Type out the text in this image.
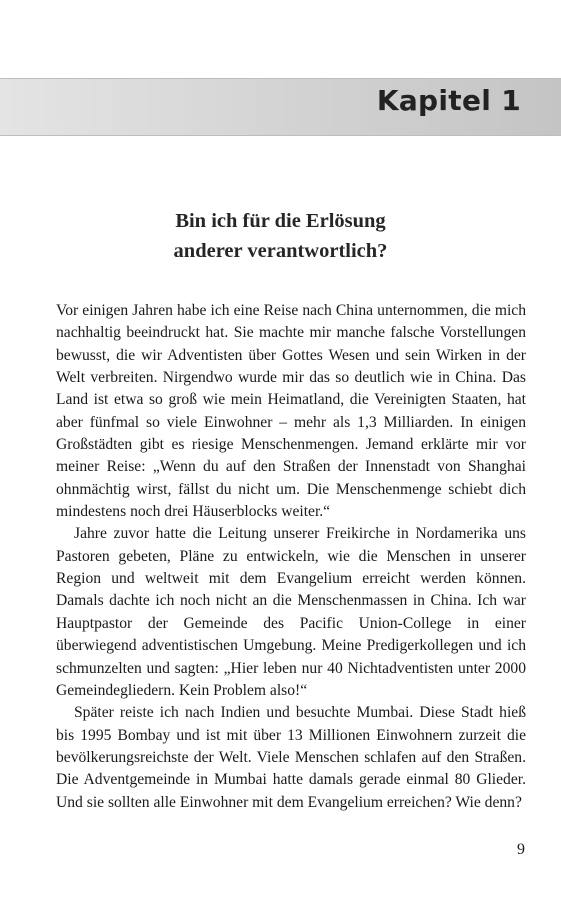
Kapitel 1
Bin ich für die Erlösung
anderer verantwortlich?

Vor einigen Jahren habe ich eine Reise nach China unternommen, die mich nachhaltig beeindruckt hat. Sie machte mir manche falsche Vorstellungen bewusst, die wir Adventisten über Gottes Wesen und sein Wirken in der Welt verbreiten. Nirgendwo wurde mir das so deutlich wie in China. Das Land ist etwa so groß wie mein Heimatland, die Vereinigten Staaten, hat aber fünfmal so viele Einwohner – mehr als 1,3 Milliarden. In einigen Großstädten gibt es riesige Menschenmengen. Jemand erklärte mir vor meiner Reise: „Wenn du auf den Straßen der Innenstadt von Shanghai ohnmächtig wirst, fällst du nicht um. Die Menschenmenge schiebt dich mindestens noch drei Häuserblocks weiter.“

Jahre zuvor hatte die Leitung unserer Freikirche in Nordamerika uns Pastoren gebeten, Pläne zu entwickeln, wie die Menschen in unserer Region und weltweit mit dem Evangelium erreicht werden können. Damals dachte ich noch nicht an die Menschenmassen in China. Ich war Hauptpastor der Gemeinde des Pacific Union-College in einer überwiegend adventistischen Umgebung. Meine Predigerkollegen und ich schmunzelten und sagten: „Hier leben nur 40 Nichtadventisten unter 2000 Gemeindegliedern. Kein Problem also!“

Später reiste ich nach Indien und besuchte Mumbai. Diese Stadt hieß bis 1995 Bombay und ist mit über 13 Millionen Einwohnern zurzeit die bevölkerungsreichste der Welt. Viele Menschen schlafen auf den Straßen. Die Adventgemeinde in Mumbai hatte damals gerade einmal 80 Glieder. Und sie sollten alle Einwohner mit dem Evangelium erreichen? Wie denn?

9
